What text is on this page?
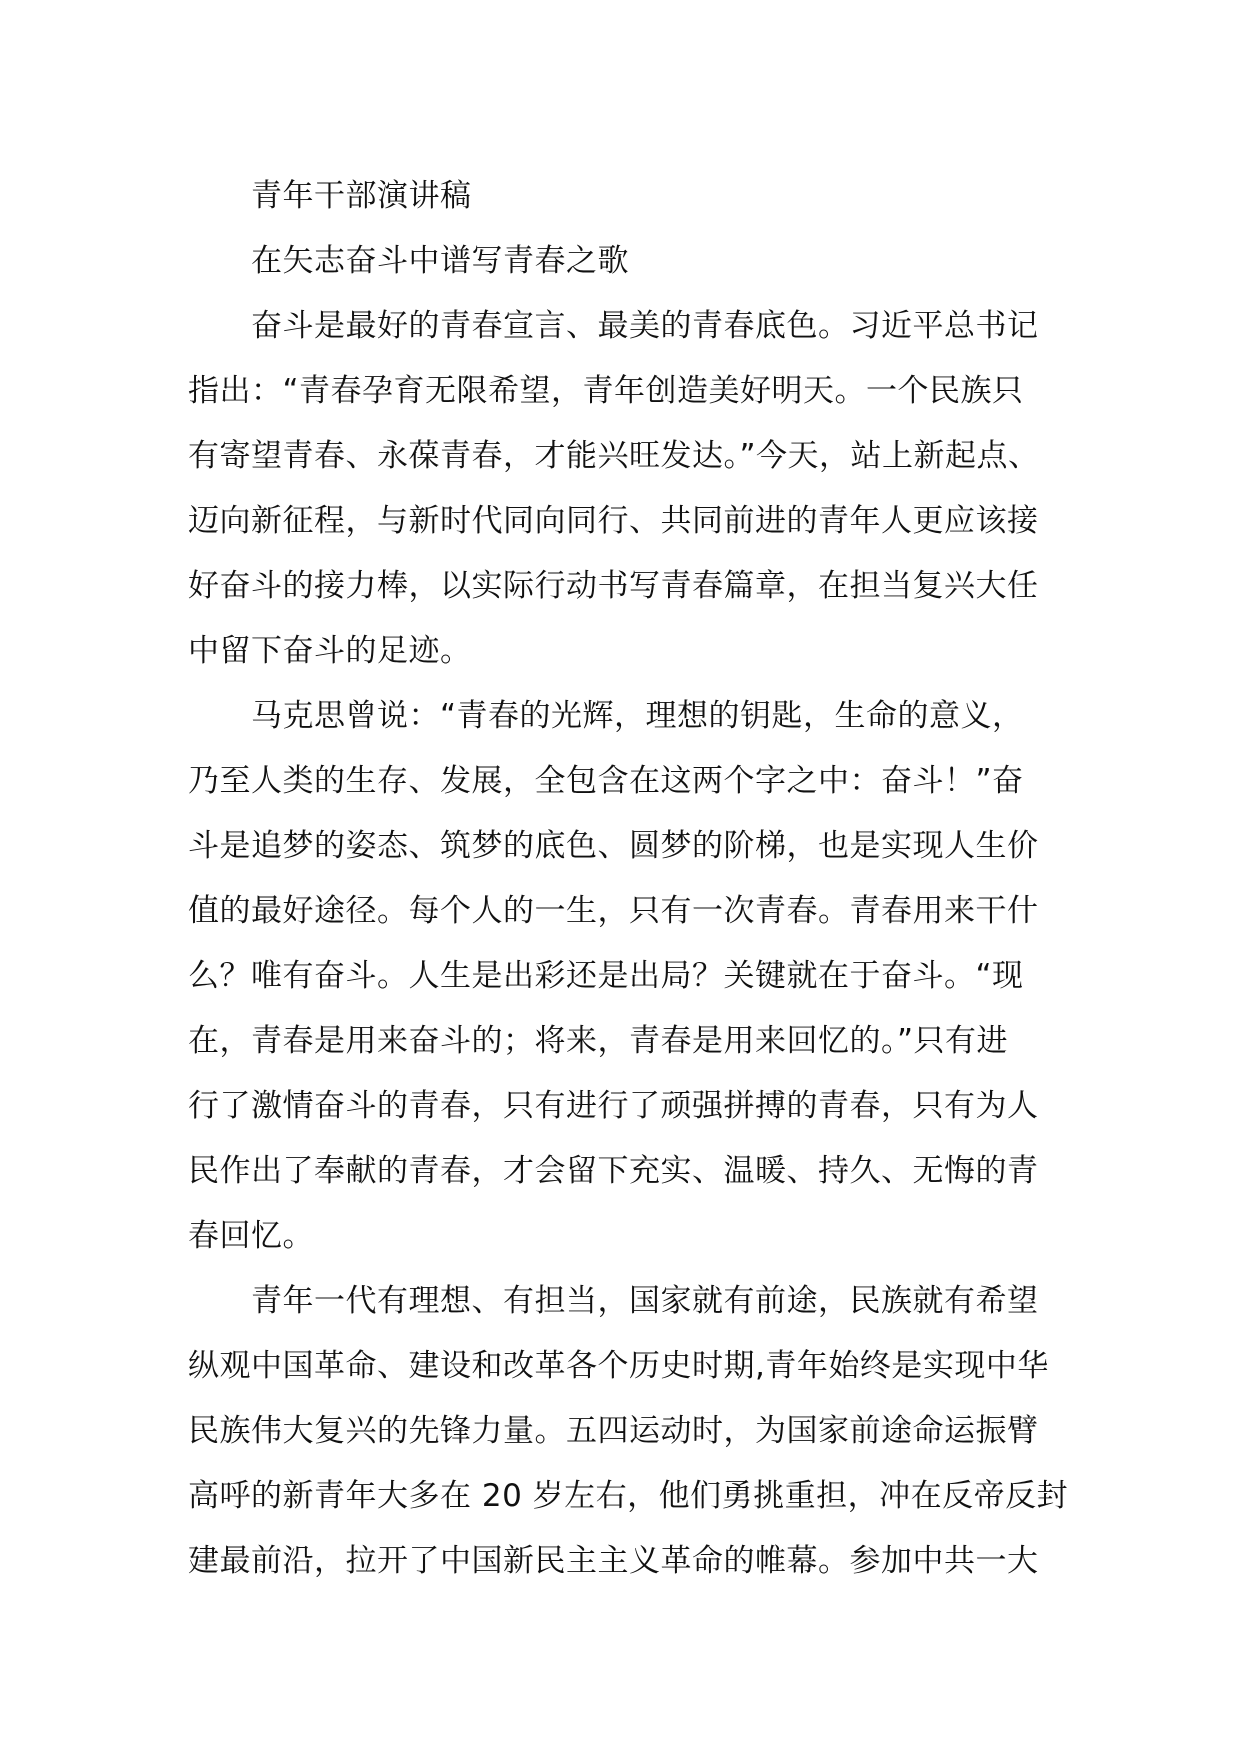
青年干部演讲稿
在矢志奋斗中谱写青春之歌
奋斗是最好的青春宣言、最美的青春底色。习近平总书记
指出：“青春孕育无限希望，青年创造美好明天。一个民族只
有寄望青春、永葆青春，才能兴旺发达。”今天，站上新起点、
迈向新征程，与新时代同向同行、共同前进的青年人更应该接
好奋斗的接力棒，以实际行动书写青春篇章，在担当复兴大任
中留下奋斗的足迹。
马克思曾说：“青春的光辉，理想的钥匙，生命的意义，
乃至人类的生存、发展，全包含在这两个字之中：奋斗！”奋
斗是追梦的姿态、筑梦的底色、圆梦的阶梯，也是实现人生价
值的最好途径。每个人的一生，只有一次青春。青春用来干什
么？唯有奋斗。人生是出彩还是出局？关键就在于奋斗。“现
在，青春是用来奋斗的；将来，青春是用来回忆的。”只有进
行了激情奋斗的青春，只有进行了顽强拼搏的青春，只有为人
民作出了奉献的青春，才会留下充实、温暖、持久、无悔的青
春回忆。
青年一代有理想、有担当，国家就有前途，民族就有希望
纵观中国革命、建设和改革各个历史时期,青年始终是实现中华
民族伟大复兴的先锋力量。五四运动时，为国家前途命运振臂
高呼的新青年大多在 20 岁左右，他们勇挑重担，冲在反帝反封
建最前沿，拉开了中国新民主主义革命的帷幕。参加中共一大
